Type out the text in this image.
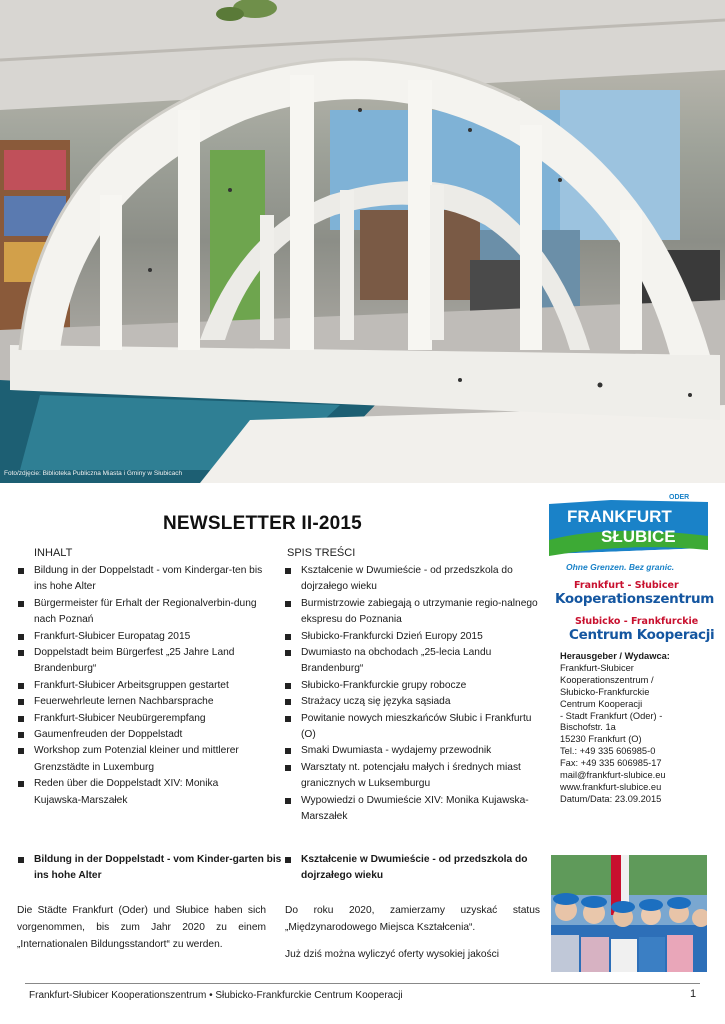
Foto/zdjęcie: Biblioteka Publiczna Miasta i Gminy w Słubicach
NEWSLETTER II-2015
INHALT
Bildung in der Doppelstadt - vom Kindergar-ten bis ins hohe Alter
Bürgermeister für Erhalt der Regionalverbin-dung nach Poznań
Frankfurt-Słubicer Europatag 2015
Doppelstadt beim Bürgerfest „25 Jahre Land Brandenburg“
Frankfurt-Słubicer Arbeitsgruppen gestartet
Feuerwehrleute lernen Nachbarsprache
Frankfurt-Słubicer Neubürgerempfang
Gaumenfreuden der Doppelstadt
Workshop zum Potenzial kleiner und mittlerer Grenzstädte in Luxemburg
Reden über die Doppelstadt XIV: Monika Kujawska-Marszałek
SPIS TREŚCI
Kształcenie w Dwumieście - od przedszkola do dojrzałego wieku
Burmistrzowie zabiegają o utrzymanie regio-nalnego ekspresu do Poznania
Słubicko-Frankfurcki Dzień Europy 2015
Dwumiasto na obchodach „25-lecia Landu Brandenburg“
Słubicko-Frankfurckie grupy robocze
Strażacy uczą się języka sąsiada
Powitanie nowych mieszkańców Słubic i Frankfurtu (O)
Smaki Dwumiasta - wydajemy przewodnik
Warsztaty nt. potencjału małych i średnych miast granicznych w Luksemburgu
Wypowiedzi o Dwumieście XIV: Monika Kujawska-Marszałek
Bildung in der Doppelstadt - vom Kinder-garten bis ins hohe Alter
Kształcenie w Dwumieście - od przedszkola do dojrzałego wieku

Die Städte Frankfurt (Oder) und Słubice haben sich vorgenommen, bis zum Jahr 2020 zu einem „Internationalen Bildungsstandort“ zu werden.

Do roku 2020, zamierzamy uzyskać status „Międzynarodowego Miejsca Kształcenia“.

Już dziś można wyliczyć oferty wysokiej jakości

ODER
FRANKFURT
SŁUBICE
Ohne Grenzen. Bez granic.
Frankfurt - Słubicer
Kooperationszentrum
Słubicko - Frankfurckie
Centrum Kooperacji
Herausgeber / Wydawca:
Frankfurt-Słubicer
Kooperationszentrum /
Słubicko-Frankfurckie
Centrum Kooperacji
- Stadt Frankfurt (Oder) -
Bischofstr. 1a
15230 Frankfurt (O)
Tel.: +49 335 606985-0
Fax: +49 335 606985-17
mail@frankfurt-slubice.eu
www.frankfurt-slubice.eu
Datum/Data: 23.09.2015
Frankfurt-Słubicer Kooperationszentrum • Słubicko-Frankfurckie Centrum Kooperacji	1
